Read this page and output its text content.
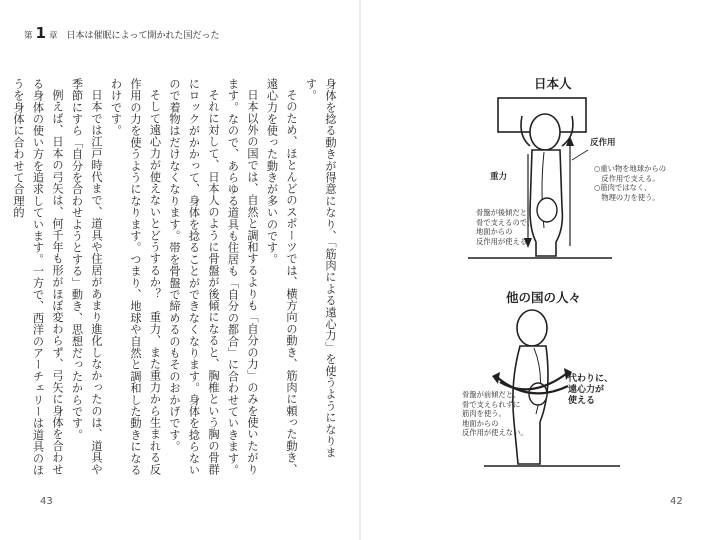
第 1 章 日本は催眠によって開かれた国だった

身体を捻る動きが得意になり、「筋肉による遠心力」を使うようになります。

そのため、ほとんどのスポーツでは、横方向の動き、筋肉に頼った動き、遠心力を使った動きが多いのです。

日本以外の国では、自然と調和するよりも「自分の力」のみを使いたがります。なので、あらゆる道具も住居も「自分の都合」に合わせていきます。

それに対して、日本人のように骨盤が後傾になると、胸椎という胸の骨群にロックがかかって、身体を捻ることができなくなります。身体を捻らないので着物はだけなくなります。帯を骨盤で締めるのもそのおかげです。

そして遠心力が使えないとどうするか？　重力、また重力から生まれる反作用の力を使うようになります。つまり、地球や自然と調和した動きになるわけです。

日本では江戸時代まで、道具や住居があまり進化しなかったのは、道具や季節にすら「自分を合わせようとする」動き、思想だったからです。

例えば、日本の弓矢は、何千年も形がほぼ変わらず、弓矢に身体を合わせる身体の使い方を追求しています。一方で、西洋のアーチェリーは道具のほうを身体に合わせて合理的

43	42
日本人
反作用
重力
○重い物を地球からの
　反作用で支える。
○筋肉ではなく、
　物理の力を使う。
骨盤が後傾だと
骨で支えるので、
地面からの
反作用が使える。
他の国の人々
代わりに、
遠心力が
使える
骨盤が前傾だと、
骨で支えられずに
筋肉を使う。
地面からの
反作用が使えない。
